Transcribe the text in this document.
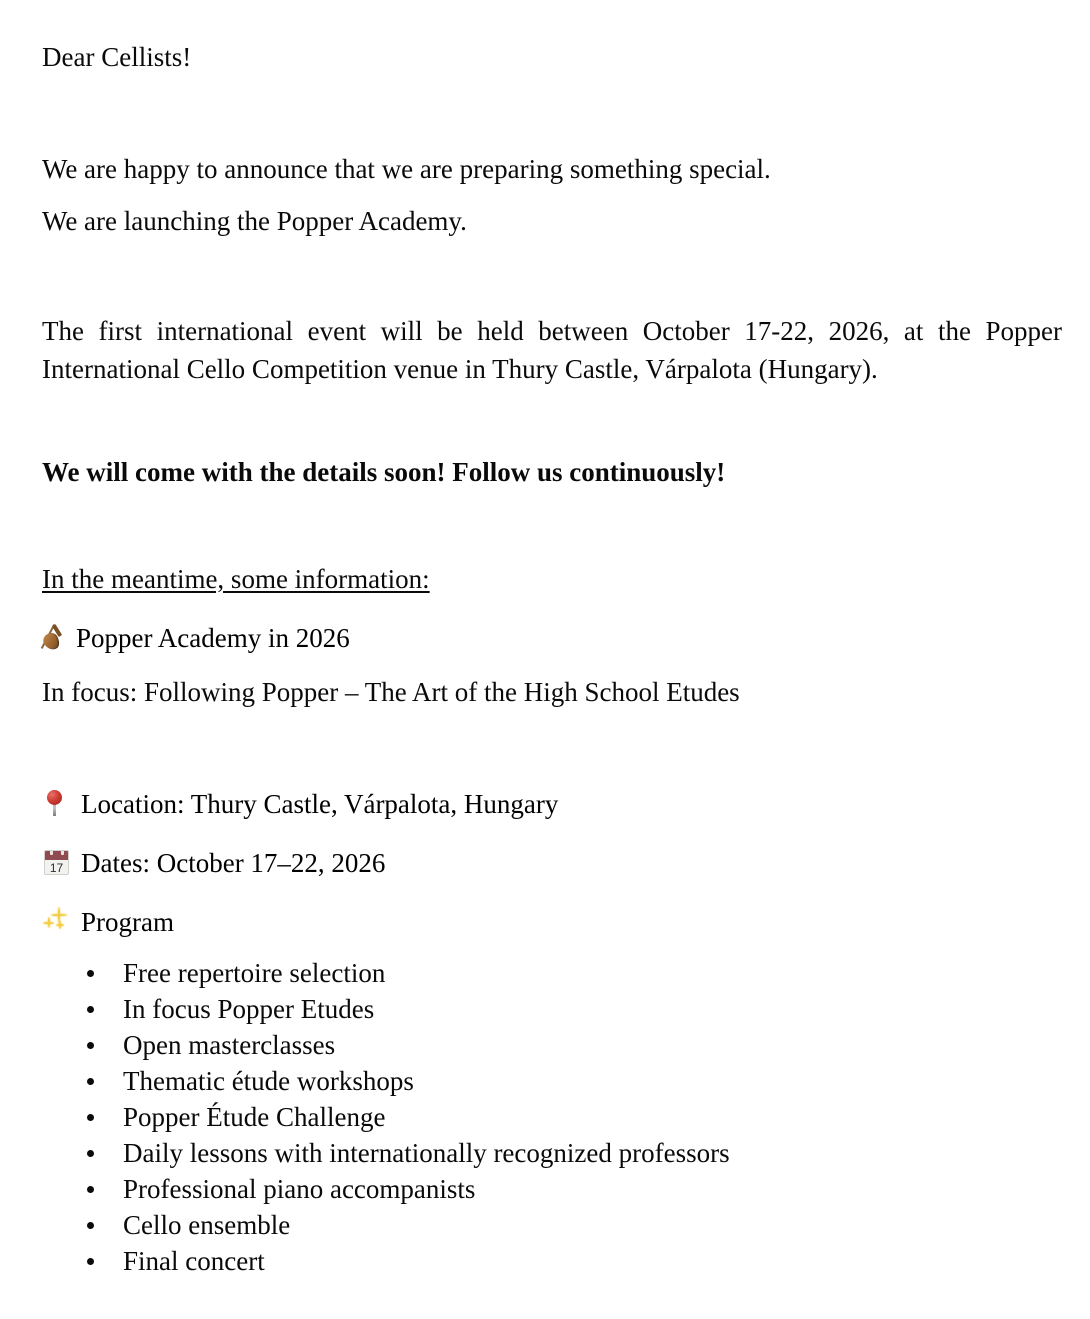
Dear Cellists!
We are happy to announce that we are preparing something special.
We are launching the Popper Academy.
The first international event will be held between October 17-22, 2026, at the Popper International Cello Competition venue in Thury Castle, Várpalota (Hungary).
We will come with the details soon! Follow us continuously!
In the meantime, some information:
Popper Academy in 2026
In focus: Following Popper – The Art of the High School Etudes
Location: Thury Castle, Várpalota, Hungary
17 Dates: October 17–22, 2026
Program
Free repertoire selection
In focus Popper Etudes
Open masterclasses
Thematic étude workshops
Popper Étude Challenge
Daily lessons with internationally recognized professors
Professional piano accompanists
Cello ensemble
Final concert
